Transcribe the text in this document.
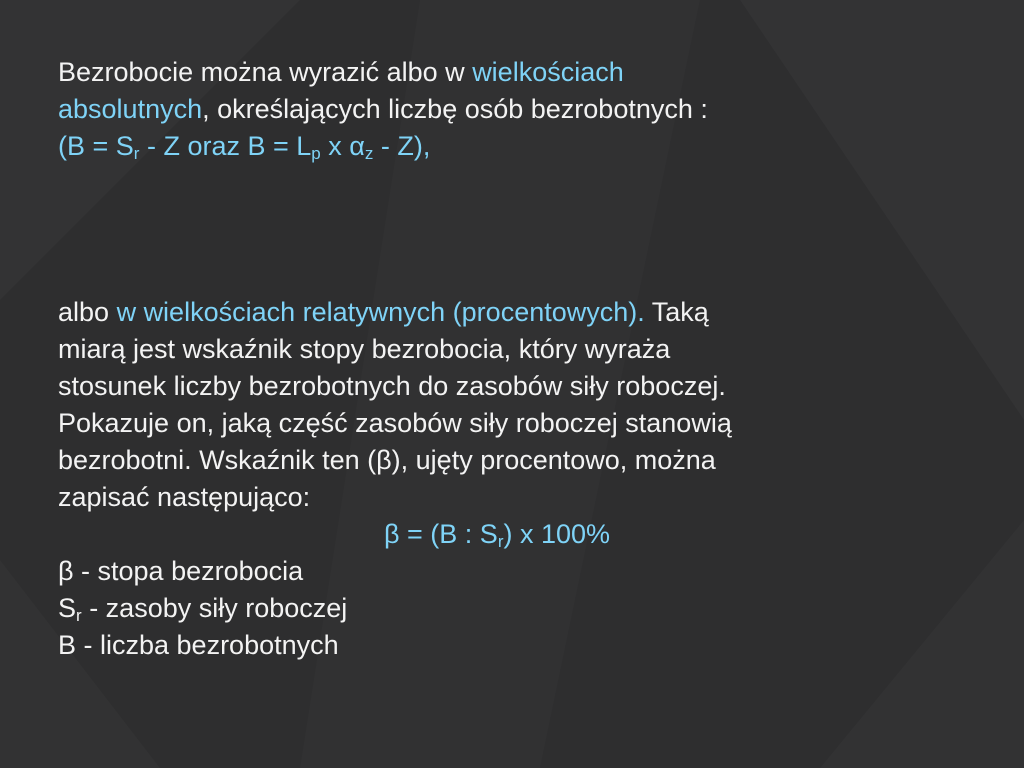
Bezrobocie można wyrazić albo w wielkościach

absolutnych, określających liczbę osób bezrobotnych :

($B = S_r - Z$ oraz $B = L_p$ x $\alpha_z - Z$),

albo w wielkościach relatywnych (procentowych). Taką

miarą jest wskaźnik stopy bezrobocia, który wyraża

stosunek liczby bezrobotnych do zasobów siły roboczej.

Pokazuje on, jaką część zasobów siły roboczej stanowią

bezrobotni. Wskaźnik ten (β), ujęty procentowo, można

zapisać następująco:

β = (B : $S_r$) x 100%

β - stopa bezrobocia

$S_r$ - zasoby siły roboczej

B - liczba bezrobotnych
